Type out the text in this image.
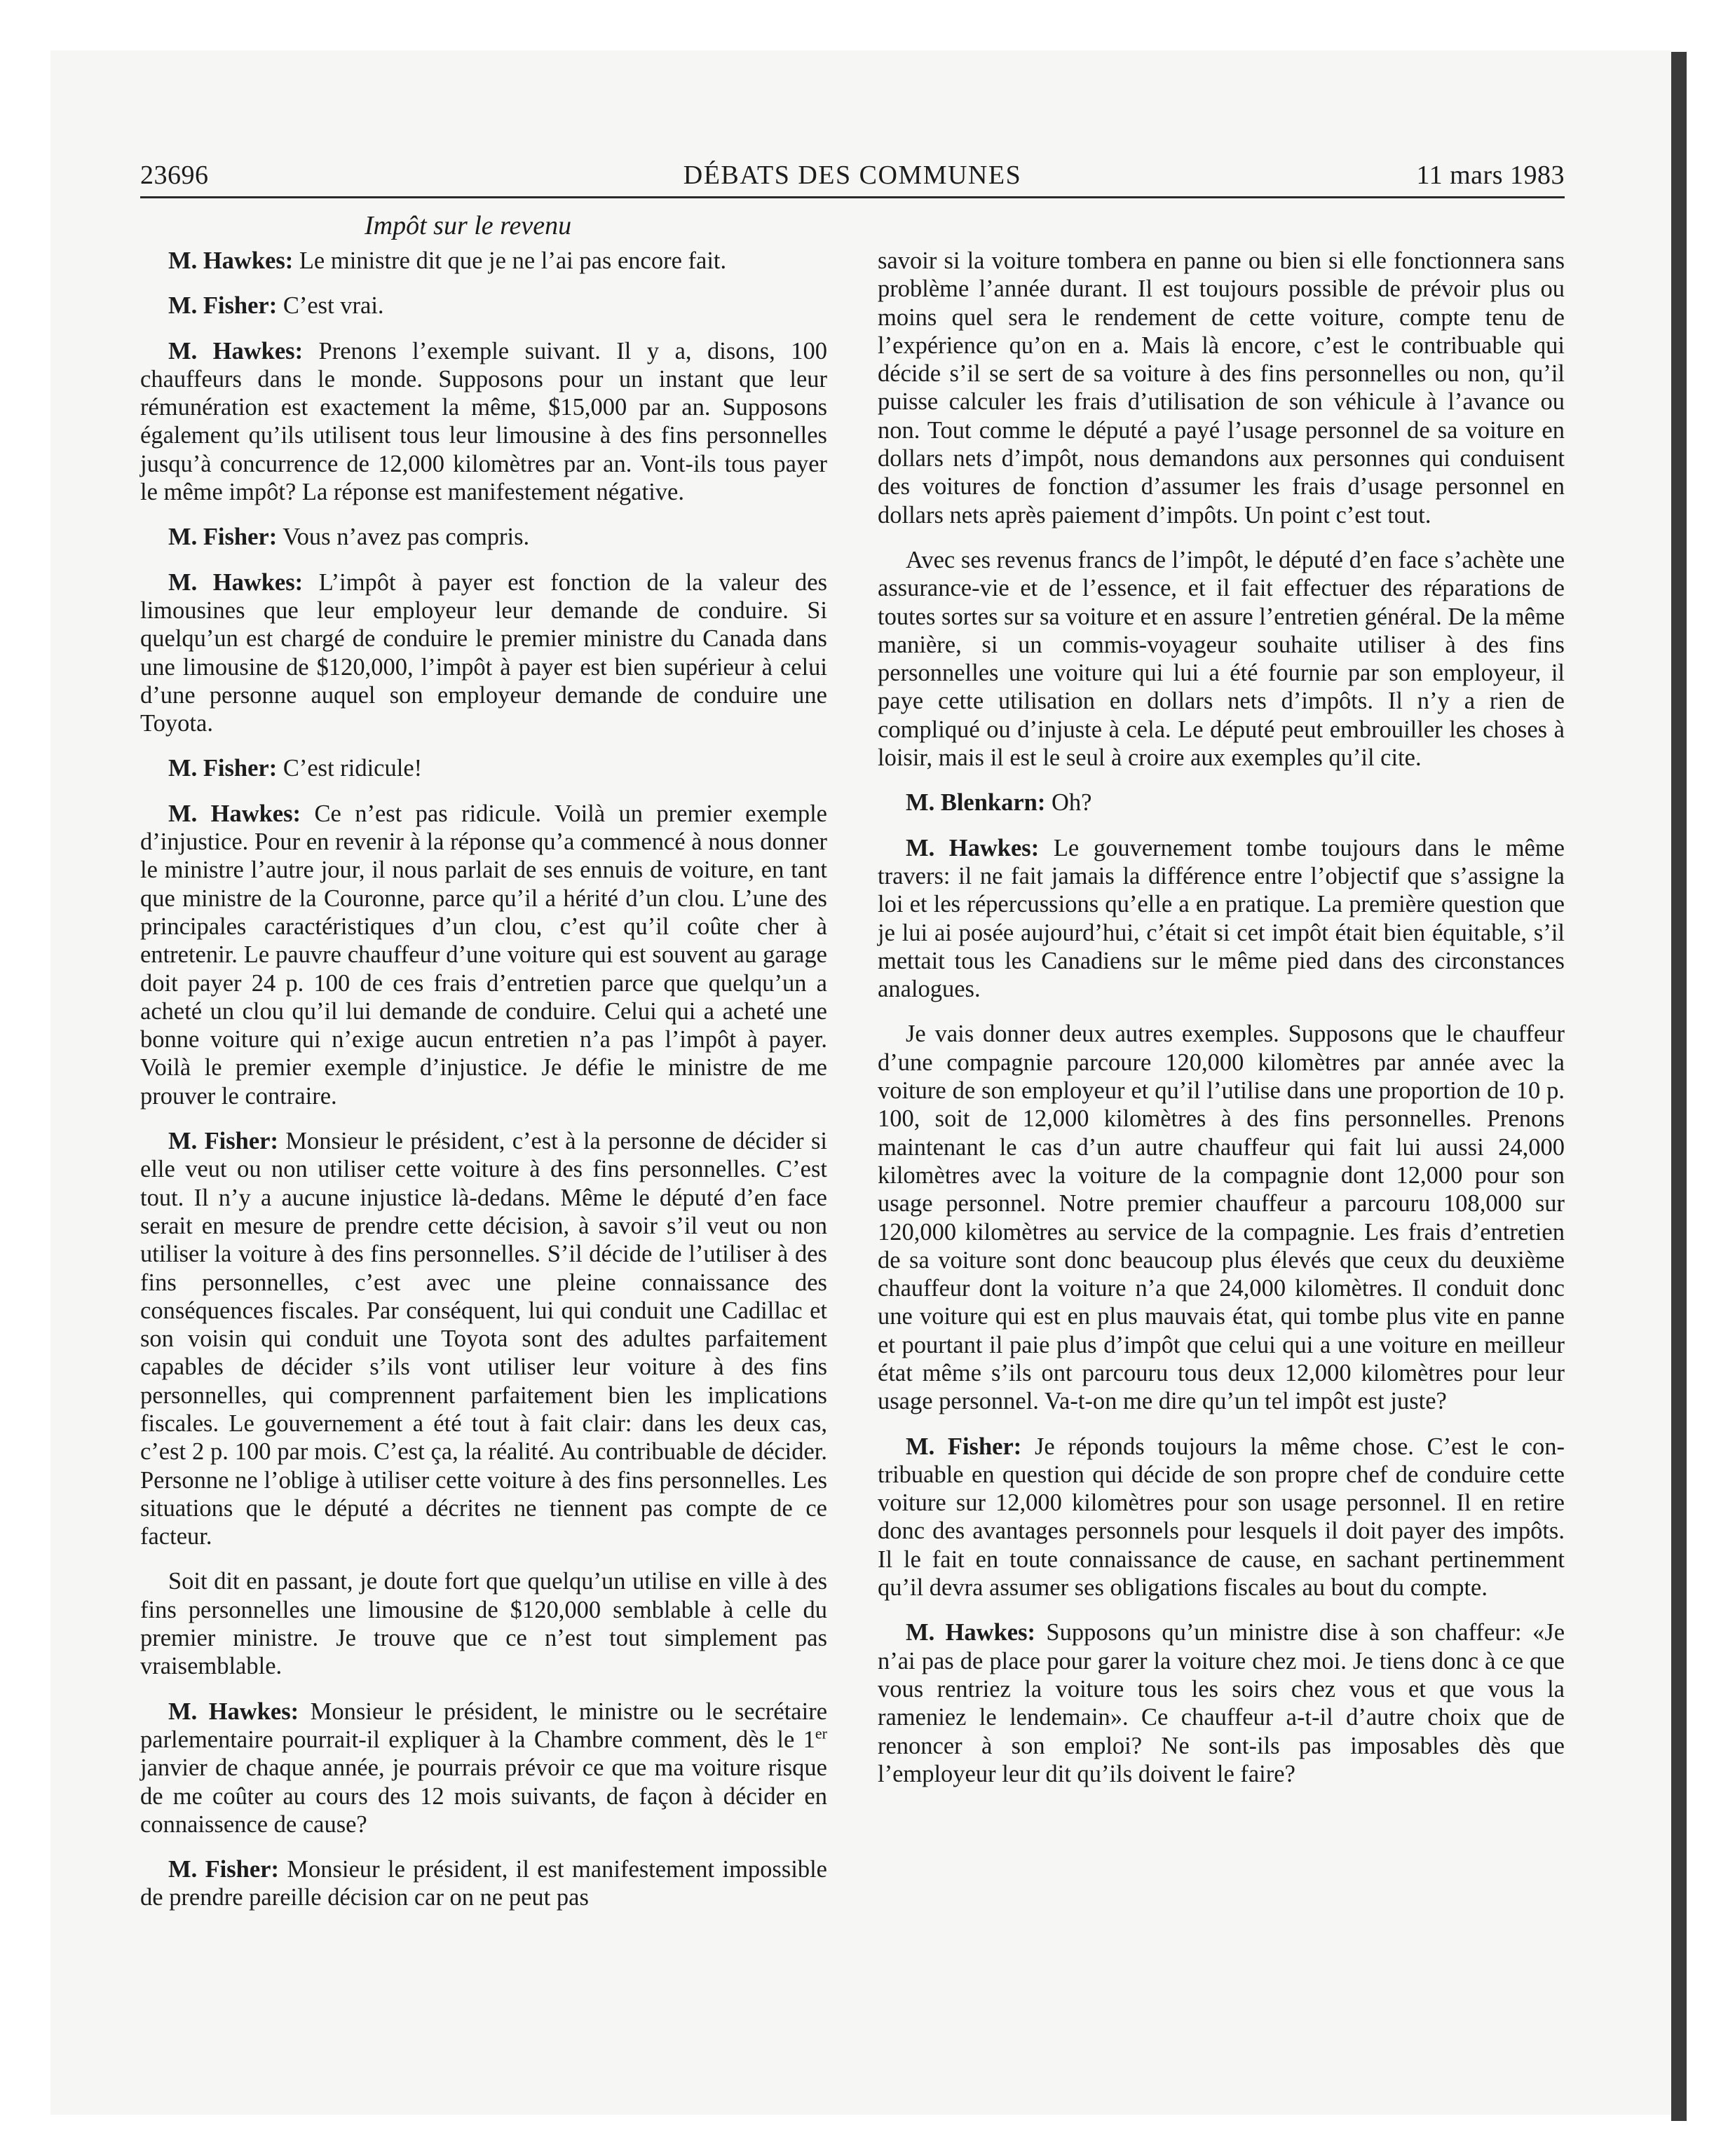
23696	DÉBATS DES COMMUNES	11 mars 1983
Impôt sur le revenu

M. Hawkes: Le ministre dit que je ne l’ai pas encore fait.

M. Fisher: C’est vrai.

M. Hawkes: Prenons l’exemple suivant. Il y a, disons, 100 chauffeurs dans le monde. Supposons pour un instant que leur rémunération est exactement la même, $15,000 par an. Supposons également qu’ils utilisent tous leur limousine à des fins personnelles jusqu’à concurrence de 12,000 kilomètres par an. Vont-ils tous payer le même impôt? La réponse est manifestement négative.

M. Fisher: Vous n’avez pas compris.

M. Hawkes: L’impôt à payer est fonction de la valeur des limousines que leur employeur leur demande de conduire. Si quelqu’un est chargé de conduire le premier ministre du Canada dans une limousine de $120,000, l’impôt à payer est bien supérieur à celui d’une personne auquel son employeur demande de conduire une Toyota.

M. Fisher: C’est ridicule!

M. Hawkes: Ce n’est pas ridicule. Voilà un premier exemple d’injustice. Pour en revenir à la réponse qu’a commencé à nous donner le ministre l’autre jour, il nous parlait de ses ennuis de voiture, en tant que ministre de la Couronne, parce qu’il a hérité d’un clou. L’une des principales caractéristiques d’un clou, c’est qu’il coûte cher à entretenir. Le pauvre chauffeur d’une voiture qui est souvent au garage doit payer 24 p. 100 de ces frais d’entretien parce que quelqu’un a acheté un clou qu’il lui demande de conduire. Celui qui a acheté une bonne voiture qui n’exige aucun entretien n’a pas l’impôt à payer. Voilà le premier exemple d’injustice. Je défie le ministre de me prouver le contraire.

M. Fisher: Monsieur le président, c’est à la personne de décider si elle veut ou non utiliser cette voiture à des fins personnelles. C’est tout. Il n’y a aucune injustice là-dedans. Même le député d’en face serait en mesure de prendre cette décision, à savoir s’il veut ou non utiliser la voiture à des fins personnelles. S’il décide de l’utiliser à des fins personnelles, c’est avec une pleine connaissance des conséquences fiscales. Par conséquent, lui qui conduit une Cadillac et son voisin qui conduit une Toyota sont des adultes parfaitement capables de décider s’ils vont utiliser leur voiture à des fins personnelles, qui comprennent parfaitement bien les implications fiscales. Le gouvernement a été tout à fait clair: dans les deux cas, c’est 2 p. 100 par mois. C’est ça, la réalité. Au contribuable de décider. Personne ne l’oblige à utiliser cette voiture à des fins personnelles. Les situations que le député a décrites ne tiennent pas compte de ce facteur.

Soit dit en passant, je doute fort que quelqu’un utilise en ville à des fins personnelles une limousine de $120,000 semblable à celle du premier ministre. Je trouve que ce n’est tout simplement pas vraisemblable.

M. Hawkes: Monsieur le président, le ministre ou le secrétaire parlementaire pourrait-il expliquer à la Chambre comment, dès le 1er janvier de chaque année, je pourrais prévoir ce que ma voiture risque de me coûter au cours des 12 mois suivants, de façon à décider en connaissence de cause?

M. Fisher: Monsieur le président, il est manifestement impossible de prendre pareille décision car on ne peut pas

savoir si la voiture tombera en panne ou bien si elle fonctionnera sans problème l’année durant. Il est toujours possible de prévoir plus ou moins quel sera le rendement de cette voiture, compte tenu de l’expérience qu’on en a. Mais là encore, c’est le contribuable qui décide s’il se sert de sa voiture à des fins personnelles ou non, qu’il puisse calculer les frais d’utilisation de son véhicule à l’avance ou non. Tout comme le député a payé l’usage personnel de sa voiture en dollars nets d’impôt, nous demandons aux personnes qui conduisent des voitures de fonction d’assumer les frais d’usage personnel en dollars nets après paiement d’impôts. Un point c’est tout.

Avec ses revenus francs de l’impôt, le député d’en face s’achète une assurance-vie et de l’essence, et il fait effectuer des réparations de toutes sortes sur sa voiture et en assure l’entretien général. De la même manière, si un commis-voyageur souhaite utiliser à des fins personnelles une voiture qui lui a été fournie par son employeur, il paye cette utilisation en dollars nets d’impôts. Il n’y a rien de compliqué ou d’injuste à cela. Le député peut embrouiller les choses à loisir, mais il est le seul à croire aux exemples qu’il cite.

M. Blenkarn: Oh?

M. Hawkes: Le gouvernement tombe toujours dans le même travers: il ne fait jamais la différence entre l’objectif que s’assigne la loi et les répercussions qu’elle a en pratique. La première question que je lui ai posée aujourd’hui, c’était si cet impôt était bien équitable, s’il mettait tous les Canadiens sur le même pied dans des circonstances analogues.

Je vais donner deux autres exemples. Supposons que le chauffeur d’une compagnie parcoure 120,000 kilomètres par année avec la voiture de son employeur et qu’il l’utilise dans une proportion de 10 p. 100, soit de 12,000 kilomètres à des fins personnelles. Prenons maintenant le cas d’un autre chauffeur qui fait lui aussi 24,000 kilomètres avec la voiture de la compagnie dont 12,000 pour son usage personnel. Notre premier chauffeur a parcouru 108,000 sur 120,000 kilomètres au service de la compagnie. Les frais d’entretien de sa voiture sont donc beaucoup plus élevés que ceux du deuxième chauffeur dont la voiture n’a que 24,000 kilomètres. Il conduit donc une voiture qui est en plus mauvais état, qui tombe plus vite en panne et pourtant il paie plus d’impôt que celui qui a une voiture en meilleur état même s’ils ont parcouru tous deux 12,000 kilomètres pour leur usage personnel. Va-t-on me dire qu’un tel impôt est juste?

M. Fisher: Je réponds toujours la même chose. C’est le contribuable en question qui décide de son propre chef de conduire cette voiture sur 12,000 kilomètres pour son usage personnel. Il en retire donc des avantages personnels pour lesquels il doit payer des impôts. Il le fait en toute connaissance de cause, en sachant pertinemment qu’il devra assumer ses obligations fiscales au bout du compte.

M. Hawkes: Supposons qu’un ministre dise à son chaffeur: «Je n’ai pas de place pour garer la voiture chez moi. Je tiens donc à ce que vous rentriez la voiture tous les soirs chez vous et que vous la rameniez le lendemain». Ce chauffeur a-t-il d’autre choix que de renoncer à son emploi? Ne sont-ils pas imposables dès que l’employeur leur dit qu’ils doivent le faire?
